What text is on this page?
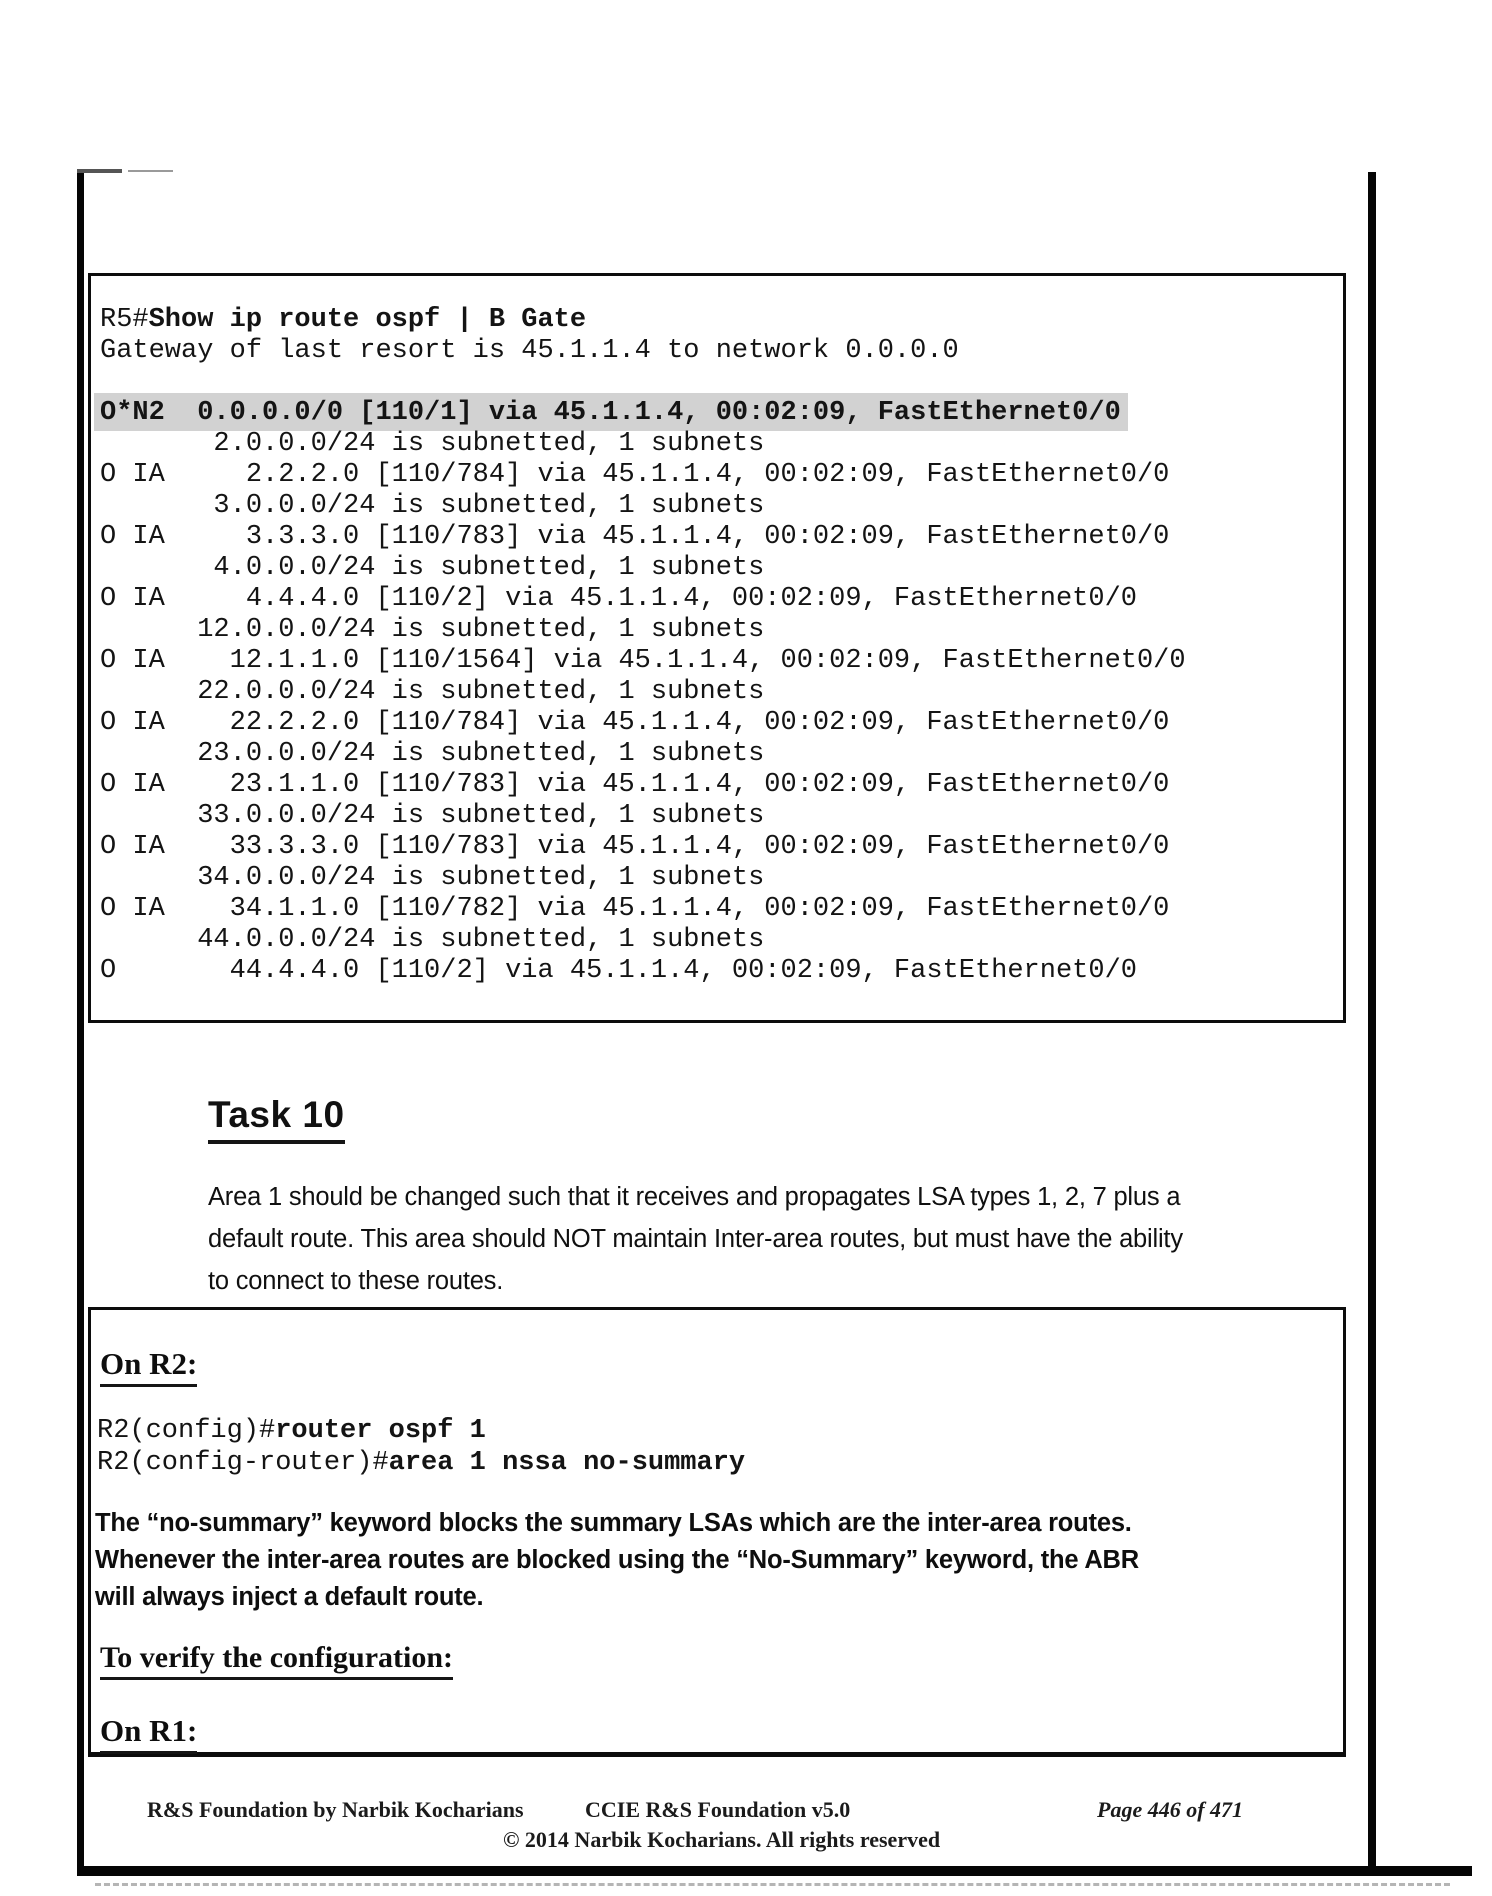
R5#Show ip route ospf | B Gate
Gateway of last resort is 45.1.1.4 to network 0.0.0.0
O*N2  0.0.0.0/0 [110/1] via 45.1.1.4, 00:02:09, FastEthernet0/0
2.0.0.0/24 is subnetted, 1 subnets
O IA     2.2.2.0 [110/784] via 45.1.1.4, 00:02:09, FastEthernet0/0
3.0.0.0/24 is subnetted, 1 subnets
O IA     3.3.3.0 [110/783] via 45.1.1.4, 00:02:09, FastEthernet0/0
4.0.0.0/24 is subnetted, 1 subnets
O IA     4.4.4.0 [110/2] via 45.1.1.4, 00:02:09, FastEthernet0/0
12.0.0.0/24 is subnetted, 1 subnets
O IA    12.1.1.0 [110/1564] via 45.1.1.4, 00:02:09, FastEthernet0/0
22.0.0.0/24 is subnetted, 1 subnets
O IA    22.2.2.0 [110/784] via 45.1.1.4, 00:02:09, FastEthernet0/0
23.0.0.0/24 is subnetted, 1 subnets
O IA    23.1.1.0 [110/783] via 45.1.1.4, 00:02:09, FastEthernet0/0
33.0.0.0/24 is subnetted, 1 subnets
O IA    33.3.3.0 [110/783] via 45.1.1.4, 00:02:09, FastEthernet0/0
34.0.0.0/24 is subnetted, 1 subnets
O IA    34.1.1.0 [110/782] via 45.1.1.4, 00:02:09, FastEthernet0/0
44.0.0.0/24 is subnetted, 1 subnets
O       44.4.4.0 [110/2] via 45.1.1.4, 00:02:09, FastEthernet0/0
Task 10
Area 1 should be changed such that it receives and propagates LSA types 1, 2, 7 plus a default route. This area should NOT maintain Inter-area routes, but must have the ability to connect to these routes.
On R2:
R2(config)#router ospf 1
R2(config-router)#area 1 nssa no-summary
The “no-summary” keyword blocks the summary LSAs which are the inter-area routes. Whenever the inter-area routes are blocked using the “No-Summary” keyword, the ABR will always inject a default route.
To verify the configuration:
On R1:
R&S Foundation by Narbik Kocharians	CCIE R&S Foundation v5.0	Page 446 of 471
© 2014 Narbik Kocharians. All rights reserved
